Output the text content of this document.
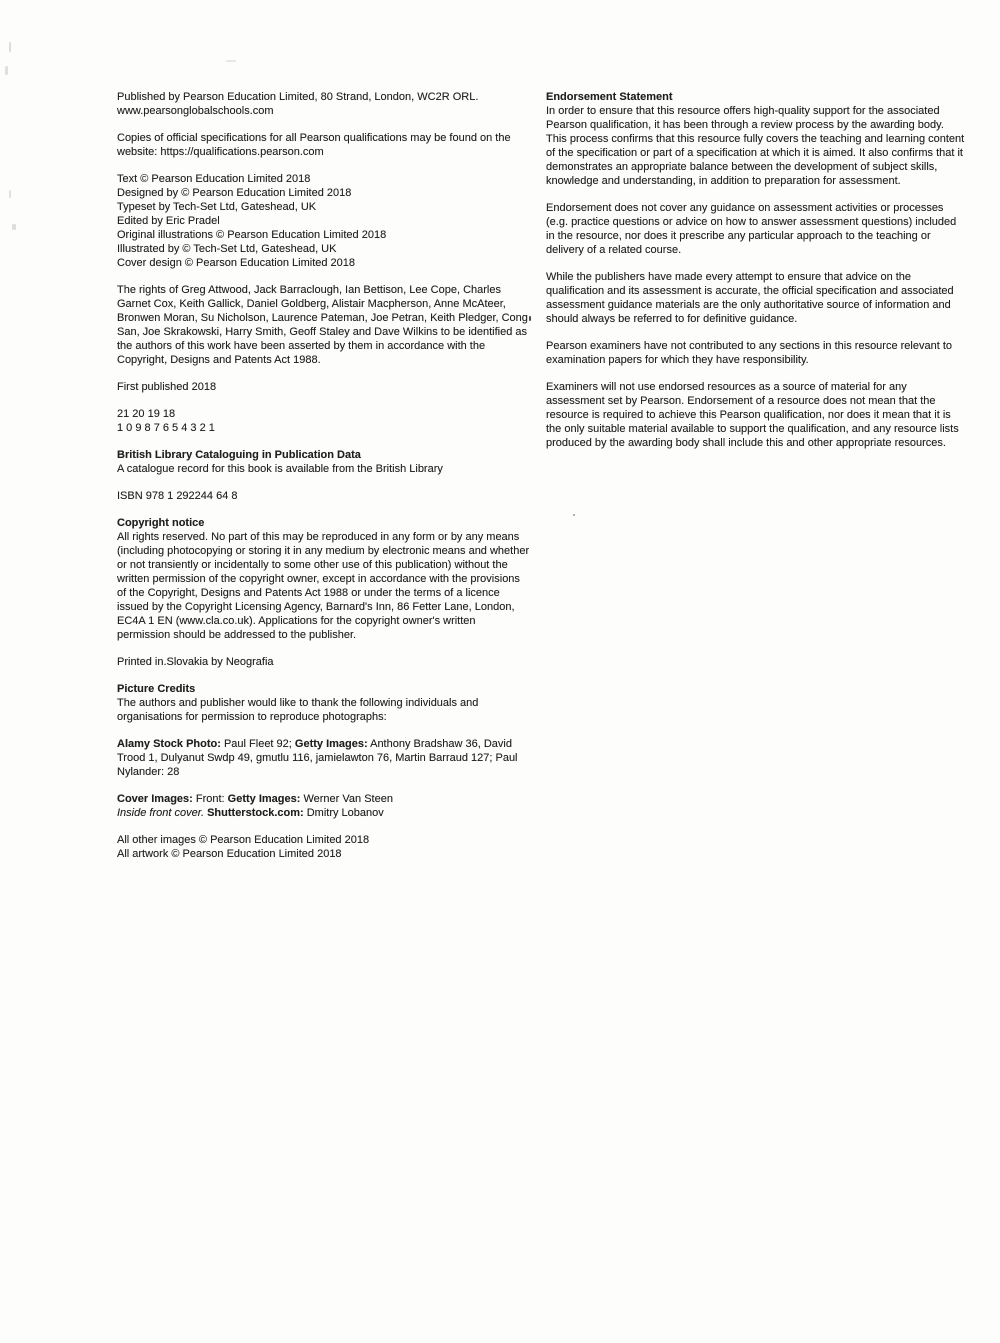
Published by Pearson Education Limited, 80 Strand, London, WC2R ORL.
www.pearsonglobalschools.com

Copies of official specifications for all Pearson qualifications may be found on the website: https://qualifications.pearson.com

Text © Pearson Education Limited 2018
Designed by © Pearson Education Limited 2018
Typeset by Tech-Set Ltd, Gateshead, UK
Edited by Eric Pradel
Original illustrations © Pearson Education Limited 2018
Illustrated by © Tech-Set Ltd, Gateshead, UK
Cover design © Pearson Education Limited 2018

The rights of Greg Attwood, Jack Barraclough, Ian Bettison, Lee Cope, Charles Garnet Cox, Keith Gallick, Daniel Goldberg, Alistair Macpherson, Anne McAteer, Bronwen Moran, Su Nicholson, Laurence Pateman, Joe Petran, Keith Pledger, Cong San, Joe Skrakowski, Harry Smith, Geoff Staley and Dave Wilkins to be identified as the authors of this work have been asserted by them in accordance with the Copyright, Designs and Patents Act 1988.

First published 2018

21 20 19 18
1 0 9 8 7 6 5 4 3 2 1

British Library Cataloguing in Publication Data
A catalogue record for this book is available from the British Library

ISBN 978 1 292244 64 8

Copyright notice
All rights reserved. No part of this may be reproduced in any form or by any means (including photocopying or storing it in any medium by electronic means and whether or not transiently or incidentally to some other use of this publication) without the written permission of the copyright owner, except in accordance with the provisions of the Copyright, Designs and Patents Act 1988 or under the terms of a licence issued by the Copyright Licensing Agency, Barnard's Inn, 86 Fetter Lane, London, EC4A 1 EN (www.cla.co.uk). Applications for the copyright owner's written permission should be addressed to the publisher.

Printed in.Slovakia by Neografia

Picture Credits
The authors and publisher would like to thank the following individuals and organisations for permission to reproduce photographs:

Alamy Stock Photo: Paul Fleet 92; Getty Images: Anthony Bradshaw 36, David Trood 1, Dulyanut Swdp 49, gmutlu 116, jamielawton 76, Martin Barraud 127; Paul Nylander: 28

Cover Images: Front: Getty Images: Werner Van Steen
Inside front cover. Shutterstock.com: Dmitry Lobanov

All other images © Pearson Education Limited 2018
All artwork © Pearson Education Limited 2018

Endorsement Statement
In order to ensure that this resource offers high-quality support for the associated Pearson qualification, it has been through a review process by the awarding body. This process confirms that this resource fully covers the teaching and learning content of the specification or part of a specification at which it is aimed. It also confirms that it demonstrates an appropriate balance between the development of subject skills, knowledge and understanding, in addition to preparation for assessment.

Endorsement does not cover any guidance on assessment activities or processes (e.g. practice questions or advice on how to answer assessment questions) included in the resource, nor does it prescribe any particular approach to the teaching or delivery of a related course.

While the publishers have made every attempt to ensure that advice on the qualification and its assessment is accurate, the official specification and associated assessment guidance materials are the only authoritative source of information and should always be referred to for definitive guidance.

Pearson examiners have not contributed to any sections in this resource relevant to examination papers for which they have responsibility.

Examiners will not use endorsed resources as a source of material for any assessment set by Pearson. Endorsement of a resource does not mean that the resource is required to achieve this Pearson qualification, nor does it mean that it is the only suitable material available to support the qualification, and any resource lists produced by the awarding body shall include this and other appropriate resources.
